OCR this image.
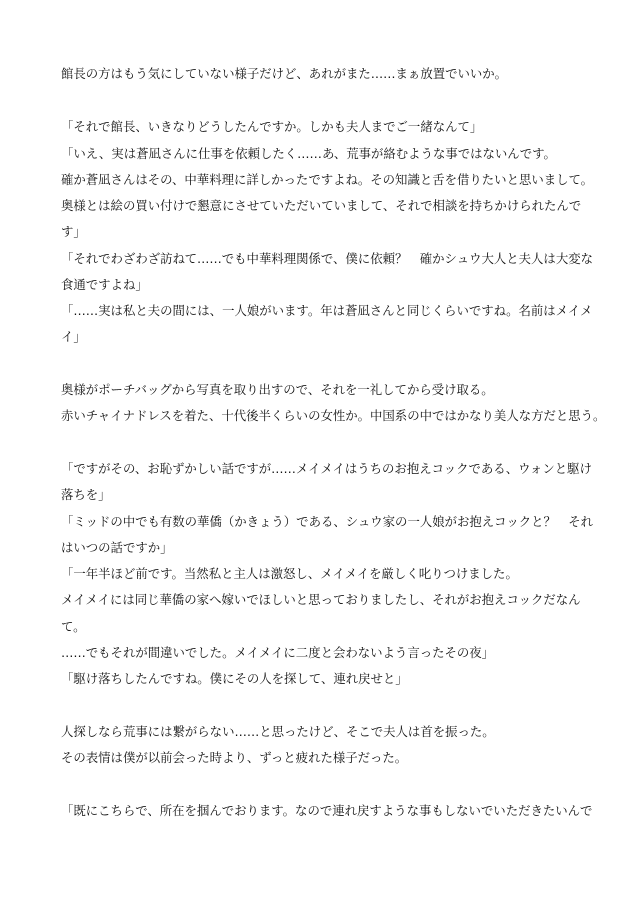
館長の方はもう気にしていない様子だけど、あれがまた……まぁ放置でいいか。
「それで館長、いきなりどうしたんですか。しかも夫人までご一緒なんて」
「いえ、実は蒼凪さんに仕事を依頼したく……あ、荒事が絡むような事ではないんです。
確か蒼凪さんはその、中華料理に詳しかったですよね。その知識と舌を借りたいと思いまして。
奥様とは絵の買い付けで懇意にさせていただいていまして、それで相談を持ちかけられたんで
す」
「それでわざわざ訪ねて……でも中華料理関係で、僕に依頼？　確かシュウ大人と夫人は大変な
食通ですよね」
「……実は私と夫の間には、一人娘がいます。年は蒼凪さんと同じくらいですね。名前はメイメ
イ」
奥様がポーチバッグから写真を取り出すので、それを一礼してから受け取る。
赤いチャイナドレスを着た、十代後半くらいの女性か。中国系の中ではかなり美人な方だと思う。
「ですがその、お恥ずかしい話ですが……メイメイはうちのお抱えコックである、ウォンと駆け
落ちを」
「ミッドの中でも有数の華僑（かきょう）である、シュウ家の一人娘がお抱えコックと？　それ
はいつの話ですか」
「一年半ほど前です。当然私と主人は激怒し、メイメイを厳しく叱りつけました。
メイメイには同じ華僑の家へ嫁いでほしいと思っておりましたし、それがお抱えコックだなん
て。
……でもそれが間違いでした。メイメイに二度と会わないよう言ったその夜」
「駆け落ちしたんですね。僕にその人を探して、連れ戻せと」
人探しなら荒事には繋がらない……と思ったけど、そこで夫人は首を振った。
その表情は僕が以前会った時より、ずっと疲れた様子だった。
「既にこちらで、所在を掴んでおります。なので連れ戻すような事もしないでいただきたいんで
